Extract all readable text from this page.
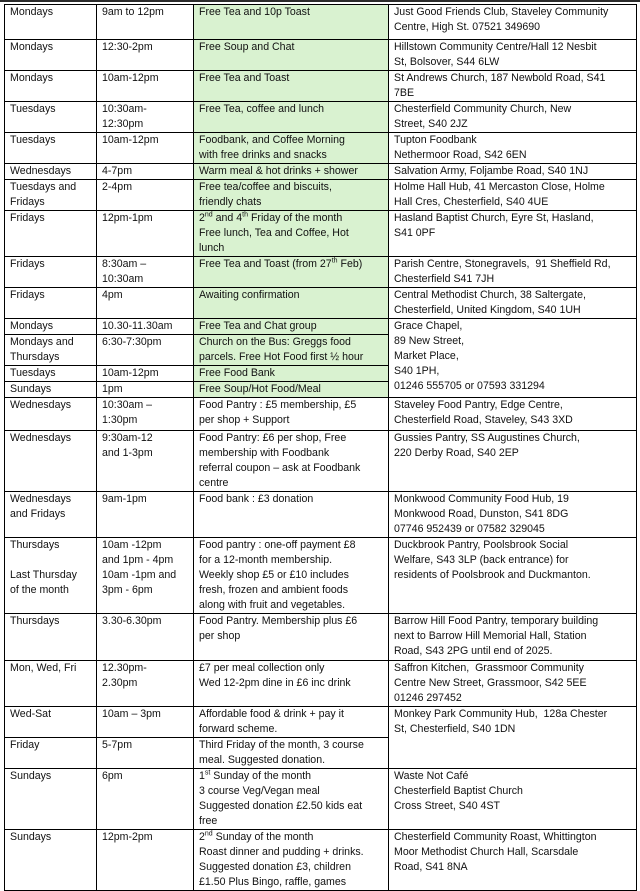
Mondays	9am to 12pm	Free Tea and 10p Toast	Just Good Friends Club, Staveley Community
Centre, High St. 07521 349690

Mondays	12:30-2pm	Free Soup and Chat	Hillstown Community Centre/Hall 12 Nesbit
St, Bolsover, S44 6LW

Mondays	10am-12pm	Free Tea and Toast	St Andrews Church, 187 Newbold Road, S41
7BE

Tuesdays	10:30am-
12:30pm	Free Tea, coffee and lunch	Chesterfield Community Church, New
Street, S40 2JZ

Tuesdays	10am-12pm	Foodbank, and Coffee Morning
with free drinks and snacks	Tupton Foodbank
Nethermoor Road, S42 6EN

Wednesdays	4-7pm	Warm meal & hot drinks + shower	Salvation Army, Foljambe Road, S40 1NJ

Tuesdays and
Fridays	2-4pm	Free tea/coffee and biscuits,
friendly chats	Holme Hall Hub, 41 Mercaston Close, Holme
Hall Cres, Chesterfield, S40 4UE

Fridays	12pm-1pm	2nd and 4th Friday of the month
Free lunch, Tea and Coffee, Hot
lunch	Hasland Baptist Church, Eyre St, Hasland,
S41 0PF

Fridays	8:30am –
10:30am	Free Tea and Toast (from 27th Feb)	Parish Centre, Stonegravels,  91 Sheffield Rd,
Chesterfield S41 7JH

Fridays	4pm	Awaiting confirmation	Central Methodist Church, 38 Saltergate,
Chesterfield, United Kingdom, S40 1UH

Mondays	10.30-11.30am	Free Tea and Chat group	Grace Chapel,
89 New Street,
Market Place,
S40 1PH,
01246 555705 or 07593 331294

Mondays and
Thursdays	6:30-7:30pm	Church on the Bus: Greggs food
parcels. Free Hot Food first ½ hour	

Tuesdays	10am-12pm	Free Food Bank	

Sundays	1pm	Free Soup/Hot Food/Meal	

Wednesdays	10:30am –
1:30pm	Food Pantry : £5 membership, £5
per shop + Support	Staveley Food Pantry, Edge Centre,
Chesterfield Road, Staveley, S43 3XD

Wednesdays	9:30am-12
and 1-3pm	Food Pantry: £6 per shop, Free
membership with Foodbank
referral coupon – ask at Foodbank
centre	Gussies Pantry, SS Augustines Church,
220 Derby Road, S40 2EP

Wednesdays
and Fridays	9am-1pm	Food bank : £3 donation	Monkwood Community Food Hub, 19
Monkwood Road, Dunston, S41 8DG
07746 952439 or 07582 329045

Thursdays
Last Thursday
of the month	10am -12pm
and 1pm - 4pm
10am -1pm and
3pm - 6pm	Food pantry : one-off payment £8
for a 12-month membership.
Weekly shop £5 or £10 includes
fresh, frozen and ambient foods
along with fruit and vegetables.	Duckbrook Pantry, Poolsbrook Social
Welfare, S43 3LP (back entrance) for
residents of Poolsbrook and Duckmanton.

Thursdays	3.30-6.30pm	Food Pantry. Membership plus £6
per shop	Barrow Hill Food Pantry, temporary building
next to Barrow Hill Memorial Hall, Station
Road, S43 2PG until end of 2025.

Mon, Wed, Fri	12.30pm-
2.30pm	£7 per meal collection only
Wed 12-2pm dine in £6 inc drink	Saffron Kitchen,  Grassmoor Community
Centre New Street, Grassmoor, S42 5EE
01246 297452

Wed-Sat	10am – 3pm	Affordable food & drink + pay it
forward scheme.	Monkey Park Community Hub,  128a Chester
St, Chesterfield, S40 1DN

Friday	5-7pm	Third Friday of the month, 3 course
meal. Suggested donation.	

Sundays	6pm	1st Sunday of the month
3 course Veg/Vegan meal
Suggested donation £2.50 kids eat
free	Waste Not Café
Chesterfield Baptist Church
Cross Street, S40 4ST

Sundays	12pm-2pm	2nd Sunday of the month
Roast dinner and pudding + drinks.
Suggested donation £3, children
£1.50 Plus Bingo, raffle, games	Chesterfield Community Roast, Whittington
Moor Methodist Church Hall, Scarsdale
Road, S41 8NA
